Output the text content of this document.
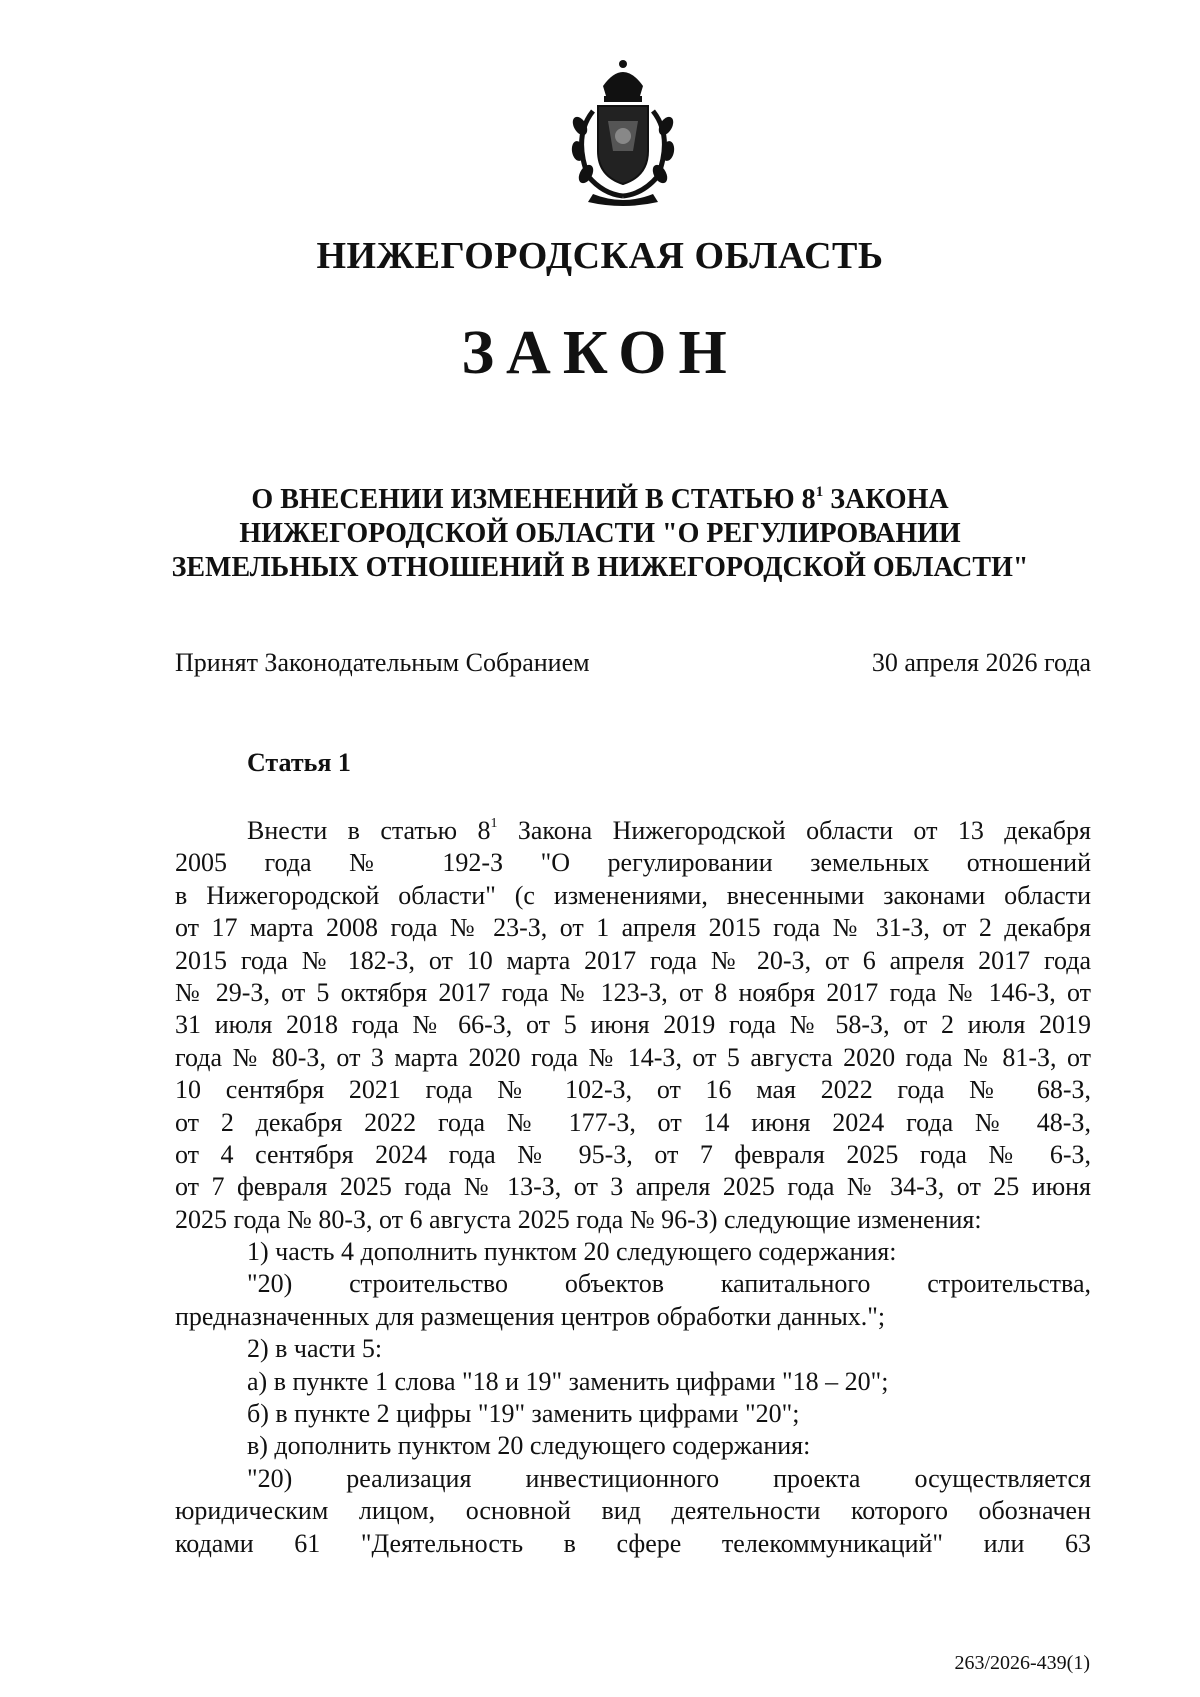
НИЖЕГОРОДСКАЯ ОБЛАСТЬ
ЗАКОН
О ВНЕСЕНИИ ИЗМЕНЕНИЙ В СТАТЬЮ $8^1$ ЗАКОНА
НИЖЕГОРОДСКОЙ ОБЛАСТИ "О РЕГУЛИРОВАНИИ
ЗЕМЕЛЬНЫХ ОТНОШЕНИЙ В НИЖЕГОРОДСКОЙ ОБЛАСТИ"
Принят Законодательным Собранием	30 апреля 2026 года
Статья 1
Внести в статью $8^1$ Закона Нижегородской области от 13 декабря
2005 года № 192-З "О регулировании земельных отношений
в Нижегородской области" (с изменениями, внесенными законами области
от 17 марта 2008 года № 23-З, от 1 апреля 2015 года № 31-З, от 2 декабря
2015 года № 182-З, от 10 марта 2017 года № 20-З, от 6 апреля 2017 года
№ 29-З, от 5 октября 2017 года № 123-З, от 8 ноября 2017 года № 146-З, от
31 июля 2018 года № 66-З, от 5 июня 2019 года № 58-З, от 2 июля 2019
года № 80-З, от 3 марта 2020 года № 14-З, от 5 августа 2020 года № 81-З, от
10 сентября 2021 года № 102-З, от 16 мая 2022 года № 68-З,
от 2 декабря 2022 года № 177-З, от 14 июня 2024 года № 48-З,
от 4 сентября 2024 года № 95-З, от 7 февраля 2025 года № 6-З,
от 7 февраля 2025 года № 13-З, от 3 апреля 2025 года № 34-З, от 25 июня
2025 года № 80-З, от 6 августа 2025 года № 96-З) следующие изменения:
1) часть 4 дополнить пунктом 20 следующего содержания:
"20) строительство объектов капитального строительства,
предназначенных для размещения центров обработки данных.";
2) в части 5:
а) в пункте 1 слова "18 и 19" заменить цифрами "18 – 20";
б) в пункте 2 цифры "19" заменить цифрами "20";
в) дополнить пунктом 20 следующего содержания:
"20) реализация инвестиционного проекта осуществляется
юридическим лицом, основной вид деятельности которого обозначен
кодами 61 "Деятельность в сфере телекоммуникаций" или 63
263/2026-439(1)
